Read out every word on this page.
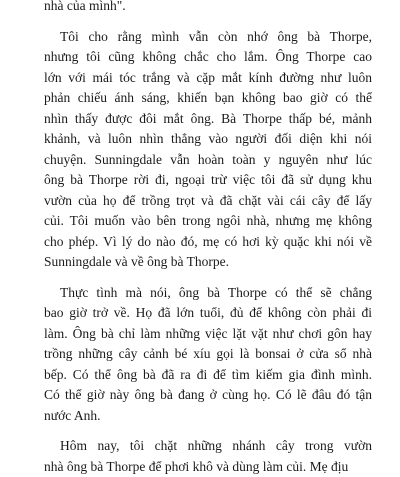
nhà của mình".
Tôi cho rằng mình vẫn còn nhớ ông bà Thorpe,
nhưng tôi cũng không chắc cho lắm. Ông Thorpe cao
lớn với mái tóc trắng và cặp mắt kính đường như luôn
phản chiếu ánh sáng, khiến bạn không bao giờ có thể
nhìn thấy được đôi mắt ông. Bà Thorpe thấp bé, mảnh
khảnh, và luôn nhìn thẳng vào người đối diện khi nói
chuyện. Sunningdale vẫn hoàn toàn y nguyên như lúc
ông bà Thorpe rời đi, ngoại trừ việc tôi đã sử dụng khu
vườn của họ để trồng trọt và đã chặt vài cái cây để lấy
củi. Tôi muốn vào bên trong ngôi nhà, nhưng mẹ không
cho phép. Vì lý do nào đó, mẹ có hơi kỳ quặc khi nói về
Sunningdale và về ông bà Thorpe.
Thực tình mà nói, ông bà Thorpe có thể sẽ chẳng
bao giờ trở về. Họ đã lớn tuổi, đủ để không còn phải đi
làm. Ông bà chỉ làm những việc lặt vặt như chơi gôn hay
trồng những cây cảnh bé xíu gọi là bonsai ở cửa sổ nhà
bếp. Có thể ông bà đã ra đi để tìm kiếm gia đình mình.
Có thể giờ này ông bà đang ở cùng họ. Có lẽ đâu đó tận
nước Anh.
Hôm nay, tôi chặt những nhánh cây trong vườn
nhà ông bà Thorpe để phơi khô và dùng làm củi. Mẹ địu
